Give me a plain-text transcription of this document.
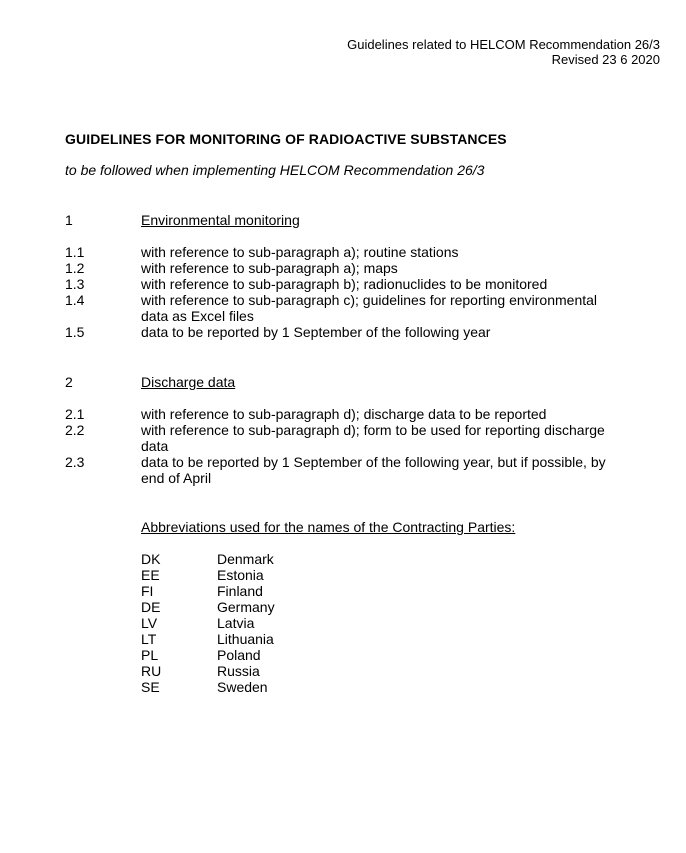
Guidelines related to HELCOM Recommendation 26/3
Revised 23 6 2020
GUIDELINES FOR MONITORING OF RADIOACTIVE SUBSTANCES
to be followed when implementing HELCOM Recommendation 26/3
1	Environmental monitoring
1.1	with reference to sub-paragraph a); routine stations
1.2	with reference to sub-paragraph a); maps
1.3	with reference to sub-paragraph b); radionuclides to be monitored
1.4	with reference to sub-paragraph c); guidelines for reporting environmental data as Excel files
1.5	data to be reported by 1 September of the following year
2	Discharge data
2.1	with reference to sub-paragraph d); discharge data to be reported
2.2	with reference to sub-paragraph d); form to be used for reporting discharge data
2.3	data to be reported by 1 September of the following year, but if possible, by end of April
Abbreviations used for the names of the Contracting Parties:
DK	Denmark
EE	Estonia
FI	Finland
DE	Germany
LV	Latvia
LT	Lithuania
PL	Poland
RU	Russia
SE	Sweden
